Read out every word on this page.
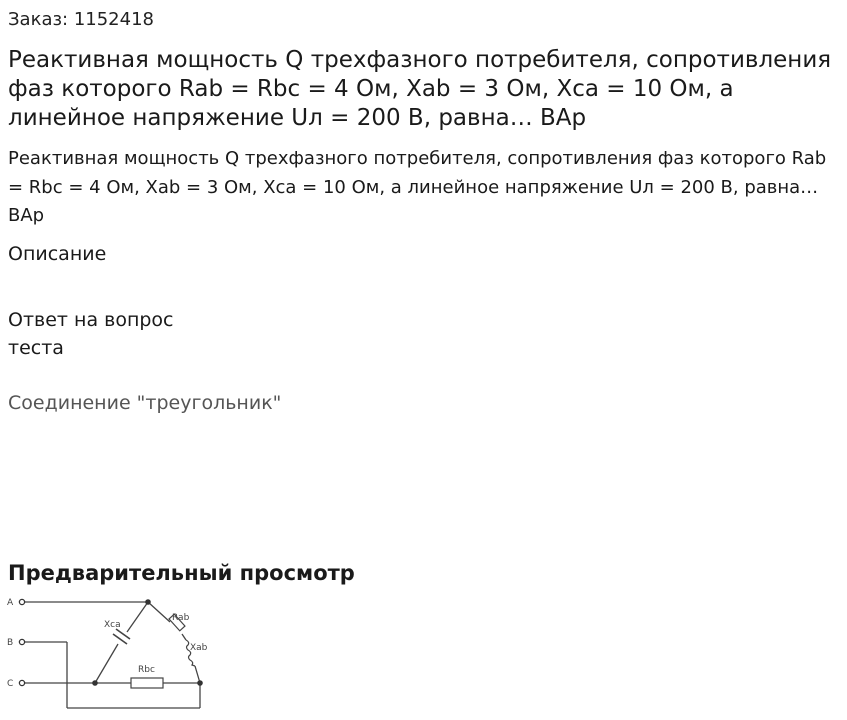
Заказ: 1152418
Реактивная мощность Q трехфазного потребителя, сопротивления фаз которого Rab = Rbc = 4 Ом, Xab = 3 Ом, Xca = 10 Ом, а линейное напряжение Uл = 200 В, равна… ВАр

Реактивная мощность Q трехфазного потребителя, сопротивления фаз которого Rab = Rbc = 4 Ом, Xab = 3 Ом, Xca = 10 Ом, а линейное напряжение Uл = 200 В, равна… ВАр

Описание
Ответ на вопрос теста
Соединение "треугольник"
Предварительный просмотр
A
B
C
Xca
Rab
Xab
Rbc
